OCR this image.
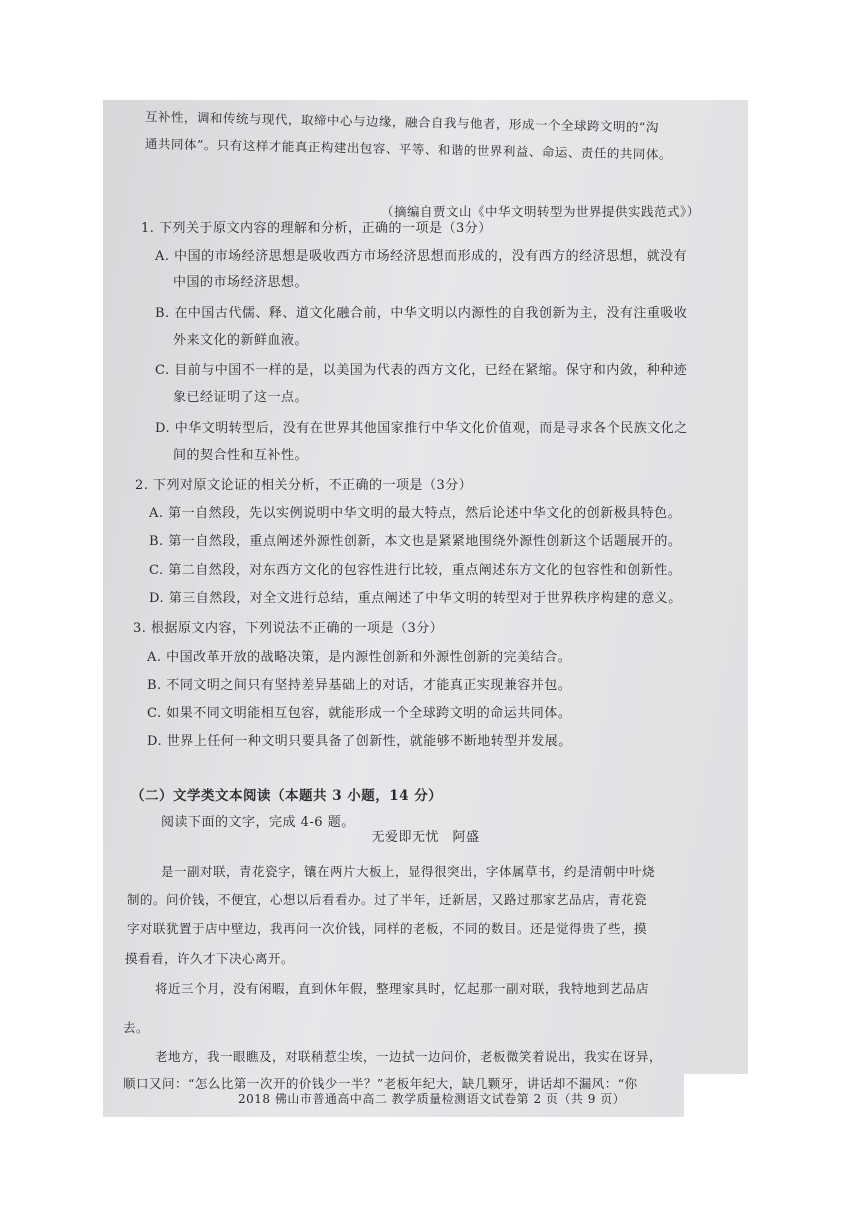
互补性，调和传统与现代，取缔中心与边缘，融合自我与他者，形成一个全球跨文明的“沟
通共同体”。只有这样才能真正构建出包容、平等、和谐的世界利益、命运、责任的共同体。
（摘编自贾文山《中华文明转型为世界提供实践范式》）
1. 下列关于原文内容的理解和分析，正确的一项是（3分）
A. 中国的市场经济思想是吸收西方市场经济思想而形成的，没有西方的经济思想，就没有
中国的市场经济思想。
B. 在中国古代儒、释、道文化融合前，中华文明以内源性的自我创新为主，没有注重吸收
外来文化的新鲜血液。
C. 目前与中国不一样的是，以美国为代表的西方文化，已经在紧缩。保守和内敛，种种迹
象已经证明了这一点。
D. 中华文明转型后，没有在世界其他国家推行中华文化价值观，而是寻求各个民族文化之
间的契合性和互补性。
2. 下列对原文论证的相关分析，不正确的一项是（3分）
A. 第一自然段，先以实例说明中华文明的最大特点，然后论述中华文化的创新极具特色。
B. 第一自然段，重点阐述外源性创新，本文也是紧紧地围绕外源性创新这个话题展开的。
C. 第二自然段，对东西方文化的包容性进行比较，重点阐述东方文化的包容性和创新性。
D. 第三自然段，对全文进行总结，重点阐述了中华文明的转型对于世界秩序构建的意义。
3. 根据原文内容，下列说法不正确的一项是（3分）
A. 中国改革开放的战略决策，是内源性创新和外源性创新的完美结合。
B. 不同文明之间只有坚持差异基础上的对话，才能真正实现兼容并包。
C. 如果不同文明能相互包容，就能形成一个全球跨文明的命运共同体。
D. 世界上任何一种文明只要具备了创新性，就能够不断地转型并发展。
（二）文学类文本阅读（本题共 3 小题，14 分）
阅读下面的文字，完成 4-6 题。
无爱即无忧　阿盛
是一副对联，青花瓷字，镶在两片大板上，显得很突出，字体属草书，约是清朝中叶烧
制的。问价钱，不便宜，心想以后看看办。过了半年，迁新居，又路过那家艺品店，青花瓷
字对联犹置于店中壁边，我再问一次价钱，同样的老板，不同的数目。还是觉得贵了些，摸
摸看看，许久才下决心离开。
将近三个月，没有闲暇，直到休年假，整理家具时，忆起那一副对联，我特地到艺品店
去。
老地方，我一眼瞧及，对联稍惹尘埃，一边拭一边问价，老板微笑着说出，我实在讶异，
顺口又问：“怎么比第一次开的价钱少一半？”老板年纪大，缺几颗牙，讲话却不漏风：“你
2018 佛山市普通高中高二 教学质量检测语文试卷第 2 页（共 9 页）
